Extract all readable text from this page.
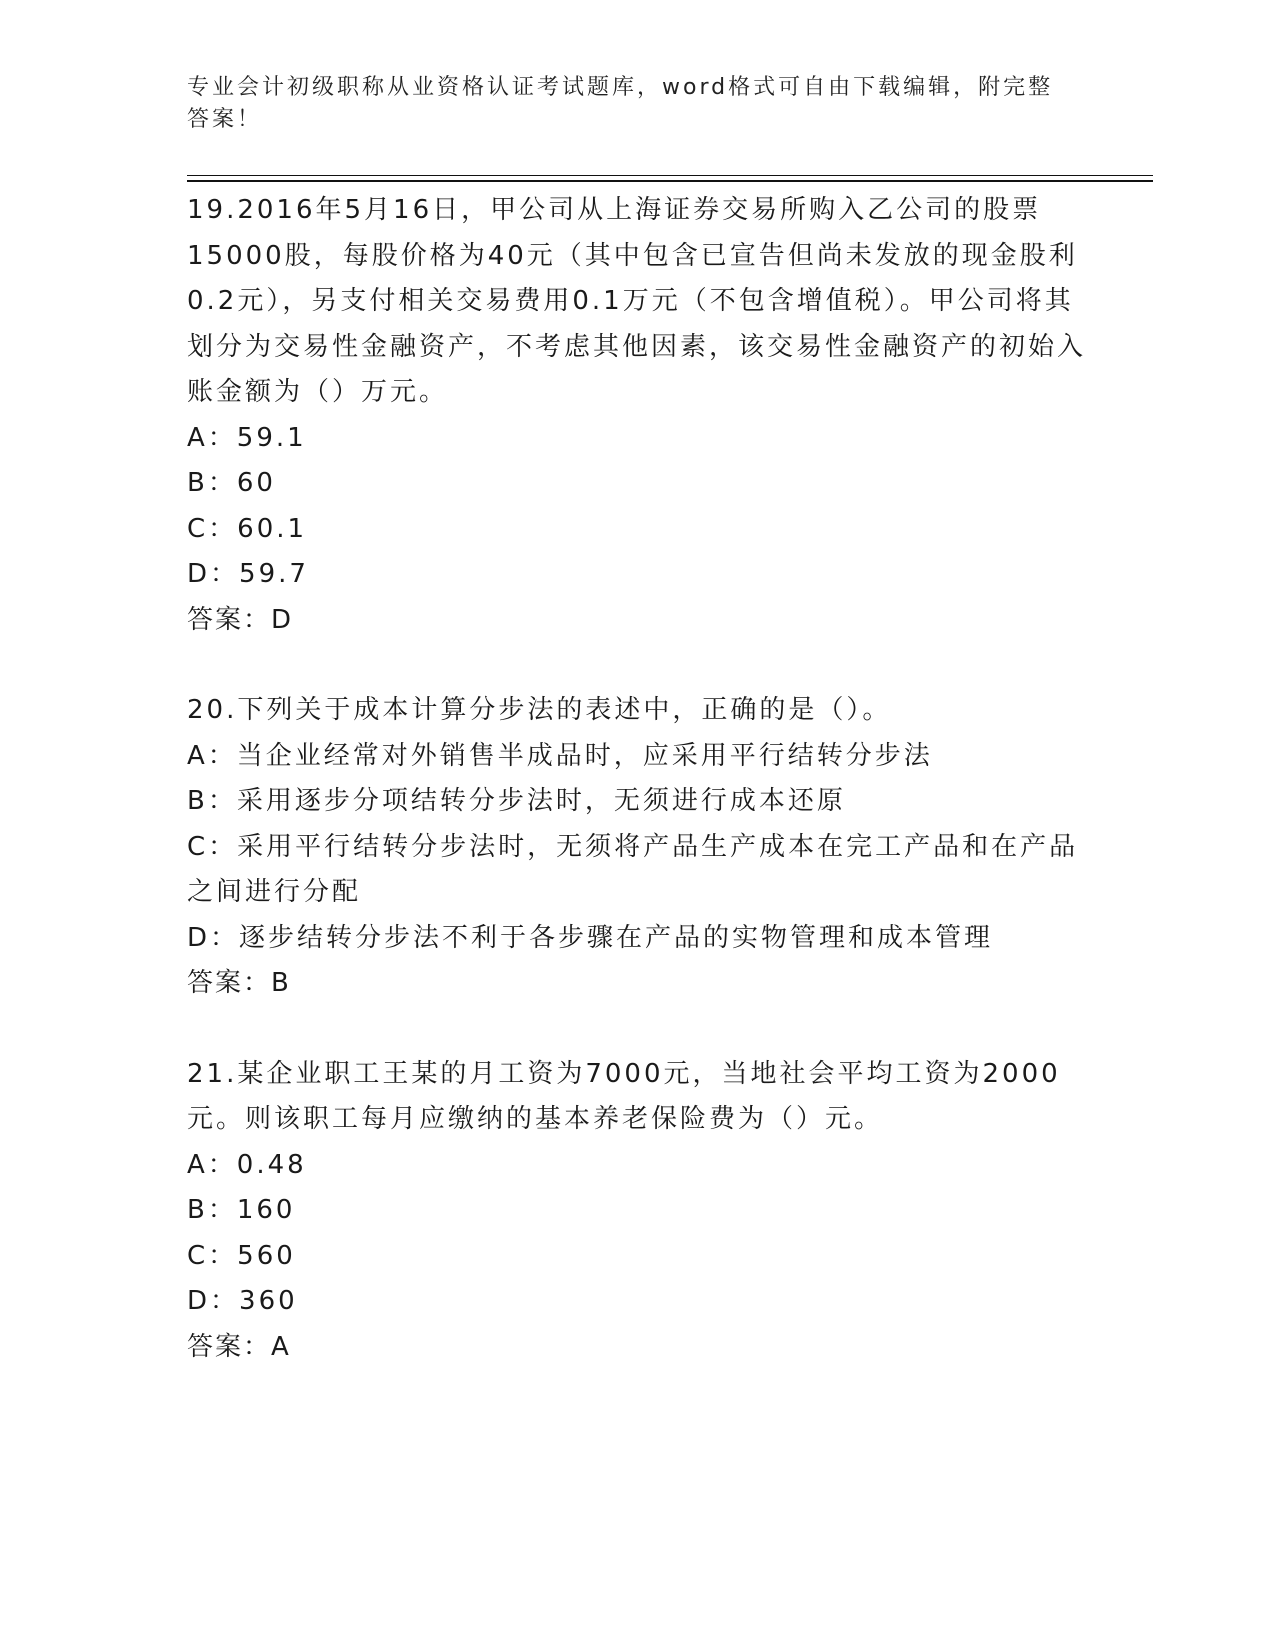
专业会计初级职称从业资格认证考试题库，word格式可自由下载编辑，附完整答案！

19.2016年5月16日，甲公司从上海证券交易所购入乙公司的股票15000股，每股价格为40元（其中包含已宣告但尚未发放的现金股利0.2元），另支付相关交易费用0.1万元（不包含增值税）。甲公司将其划分为交易性金融资产，不考虑其他因素，该交易性金融资产的初始入账金额为（）万元。

A：59.1

B：60

C：60.1

D：59.7

答案：D

20.下列关于成本计算分步法的表述中，正确的是（）。

A：当企业经常对外销售半成品时，应采用平行结转分步法

B：采用逐步分项结转分步法时，无须进行成本还原

C：采用平行结转分步法时，无须将产品生产成本在完工产品和在产品之间进行分配

D：逐步结转分步法不利于各步骤在产品的实物管理和成本管理

答案：B

21.某企业职工王某的月工资为7000元，当地社会平均工资为2000元。则该职工每月应缴纳的基本养老保险费为（）元。

A：0.48

B：160

C：560

D：360

答案：A
